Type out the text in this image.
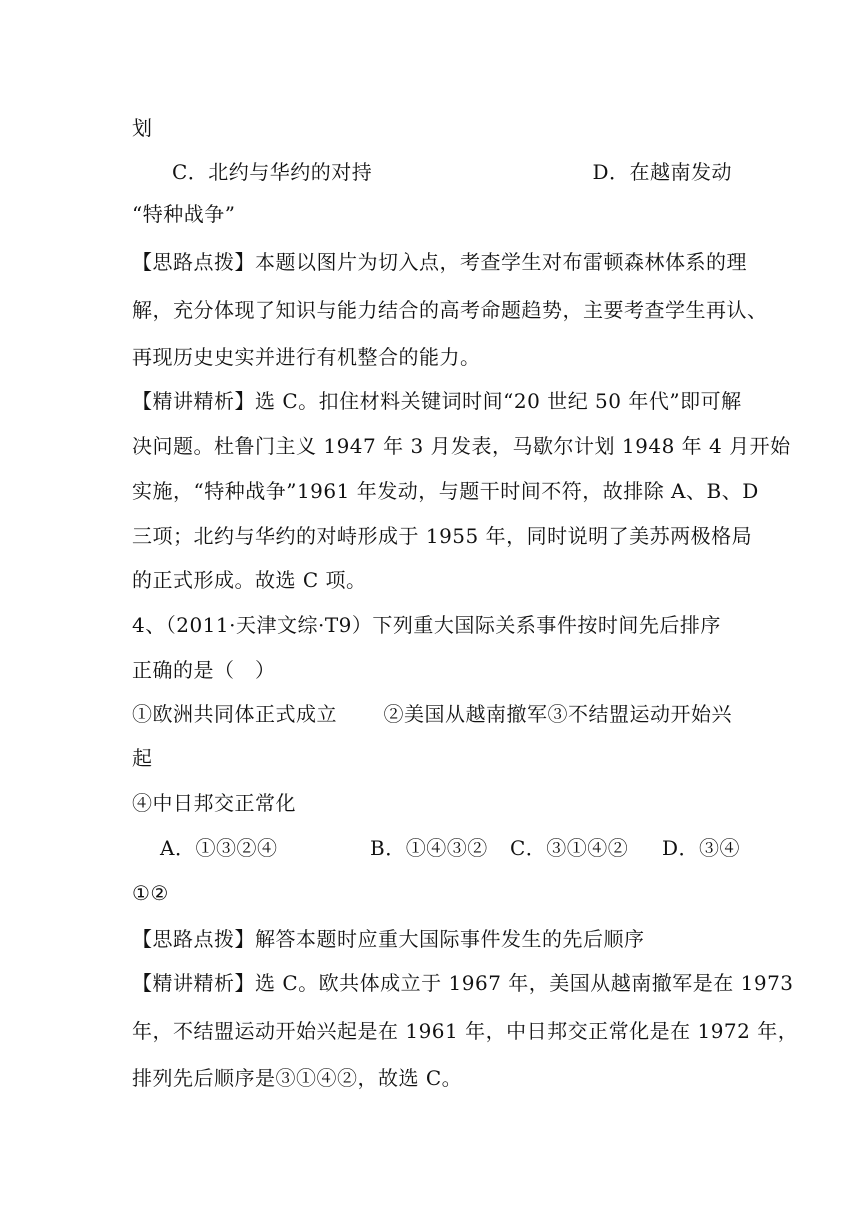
划
C．北约与华约的对持	D．在越南发动
“特种战争”
【思路点拨】本题以图片为切入点，考查学生对布雷顿森林体系的理
解，充分体现了知识与能力结合的高考命题趋势，主要考查学生再认、
再现历史史实并进行有机整合的能力。
【精讲精析】选 C。扣住材料关键词时间“20 世纪 50 年代”即可解
决问题。杜鲁门主义 1947 年 3 月发表，马歇尔计划 1948 年 4 月开始
实施，“特种战争”1961 年发动，与题干时间不符，故排除 A、B、D
三项；北约与华约的对峙形成于 1955 年，同时说明了美苏两极格局
的正式形成。故选 C 项。
4、（2011·天津文综·T9）下列重大国际关系事件按时间先后排序
正确的是（　）
①欧洲共同体正式成立 ②美国从越南撤军③不结盟运动开始兴
起
④中日邦交正常化
A．①③②④	B．①④③② C．③①④② D．③④
①②
【思路点拨】解答本题时应重大国际事件发生的先后顺序
【精讲精析】选 C。欧共体成立于 1967 年，美国从越南撤军是在 1973
年，不结盟运动开始兴起是在 1961 年，中日邦交正常化是在 1972 年，
排列先后顺序是③①④②，故选 C。
